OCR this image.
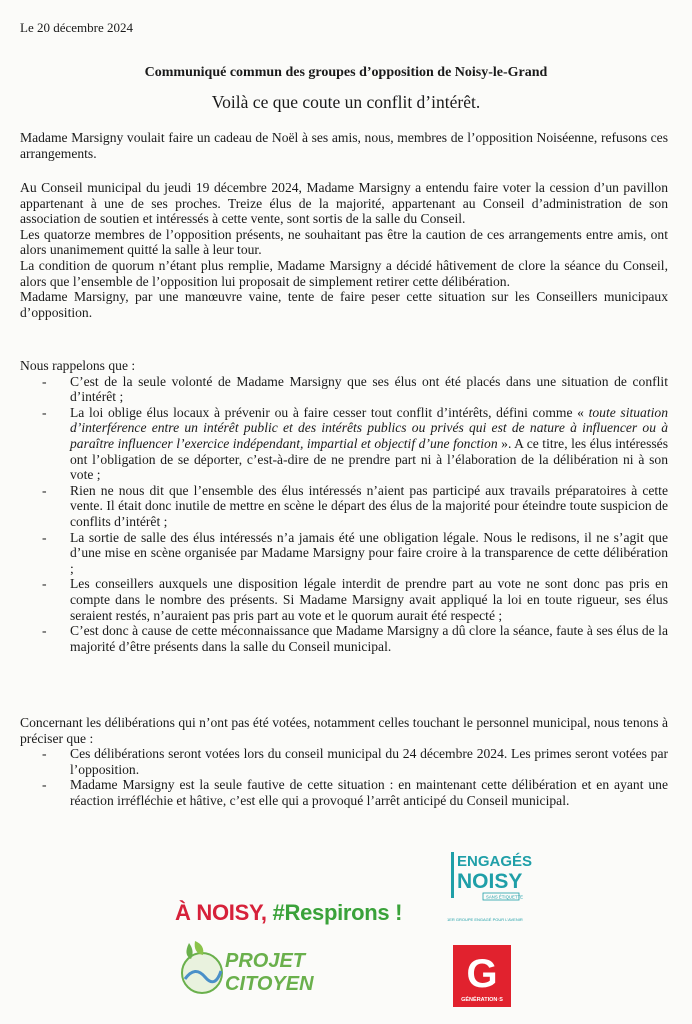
Le 20 décembre 2024
Communiqué commun des groupes d’opposition de Noisy-le-Grand
Voilà ce que coute un conflit d’intérêt.

Madame Marsigny voulait faire un cadeau de Noël à ses amis, nous, membres de l’opposition Noiséenne, refusons ces arrangements.

Au Conseil municipal du jeudi 19 décembre 2024, Madame Marsigny a entendu faire voter la cession d’un pavillon appartenant à une de ses proches. Treize élus de la majorité, appartenant au Conseil d’administration de son association de soutien et intéressés à cette vente, sont sortis de la salle du Conseil.

Les quatorze membres de l’opposition présents, ne souhaitant pas être la caution de ces arrangements entre amis, ont alors unanimement quitté la salle à leur tour.

La condition de quorum n’étant plus remplie, Madame Marsigny a décidé hâtivement de clore la séance du Conseil, alors que l’ensemble de l’opposition lui proposait de simplement retirer cette délibération.

Madame Marsigny, par une manœuvre vaine, tente de faire peser cette situation sur les Conseillers municipaux d’opposition.

Nous rappelons que :

- C’est de la seule volonté de Madame Marsigny que ses élus ont été placés dans une situation de conflit d’intérêt ;
- La loi oblige élus locaux à prévenir ou à faire cesser tout conflit d’intérêts, défini comme « toute situation d’interférence entre un intérêt public et des intérêts publics ou privés qui est de nature à influencer ou à paraître influencer l’exercice indépendant, impartial et objectif d’une fonction ». A ce titre, les élus intéressés ont l’obligation de se déporter, c’est-à-dire de ne prendre part ni à l’élaboration de la délibération ni à son vote ;
- Rien ne nous dit que l’ensemble des élus intéressés n’aient pas participé aux travails préparatoires à cette vente. Il était donc inutile de mettre en scène le départ des élus de la majorité pour éteindre toute suspicion de conflits d’intérêt ;
- La sortie de salle des élus intéressés n’a jamais été une obligation légale. Nous le redisons, il ne s’agit que d’une mise en scène organisée par Madame Marsigny pour faire croire à la transparence de cette délibération ;
- Les conseillers auxquels une disposition légale interdit de prendre part au vote ne sont donc pas pris en compte dans le nombre des présents. Si Madame Marsigny avait appliqué la loi en toute rigueur, ses élus seraient restés, n’auraient pas pris part au vote et le quorum aurait été respecté ;
- C’est donc à cause de cette méconnaissance que Madame Marsigny a dû clore la séance, faute à ses élus de la majorité d’être présents dans la salle du Conseil municipal.

Concernant les délibérations qui n’ont pas été votées, notamment celles touchant le personnel municipal, nous tenons à préciser que :

- Ces délibérations seront votées lors du conseil municipal du 24 décembre 2024. Les primes seront votées par l’opposition.
- Madame Marsigny est la seule fautive de cette situation : en maintenant cette délibération et en ayant une réaction irréfléchie et hâtive, c’est elle qui a provoqué l’arrêt anticipé du Conseil municipal.
ENGAGÉS
NOISY
SANS ÉTIQUETTE
1ER GROUPE ENGAGÉ POUR L’AVENIR
À NOISY, #Respirons !
PROJET
CITOYEN	G
GÉNÉRATION·S
